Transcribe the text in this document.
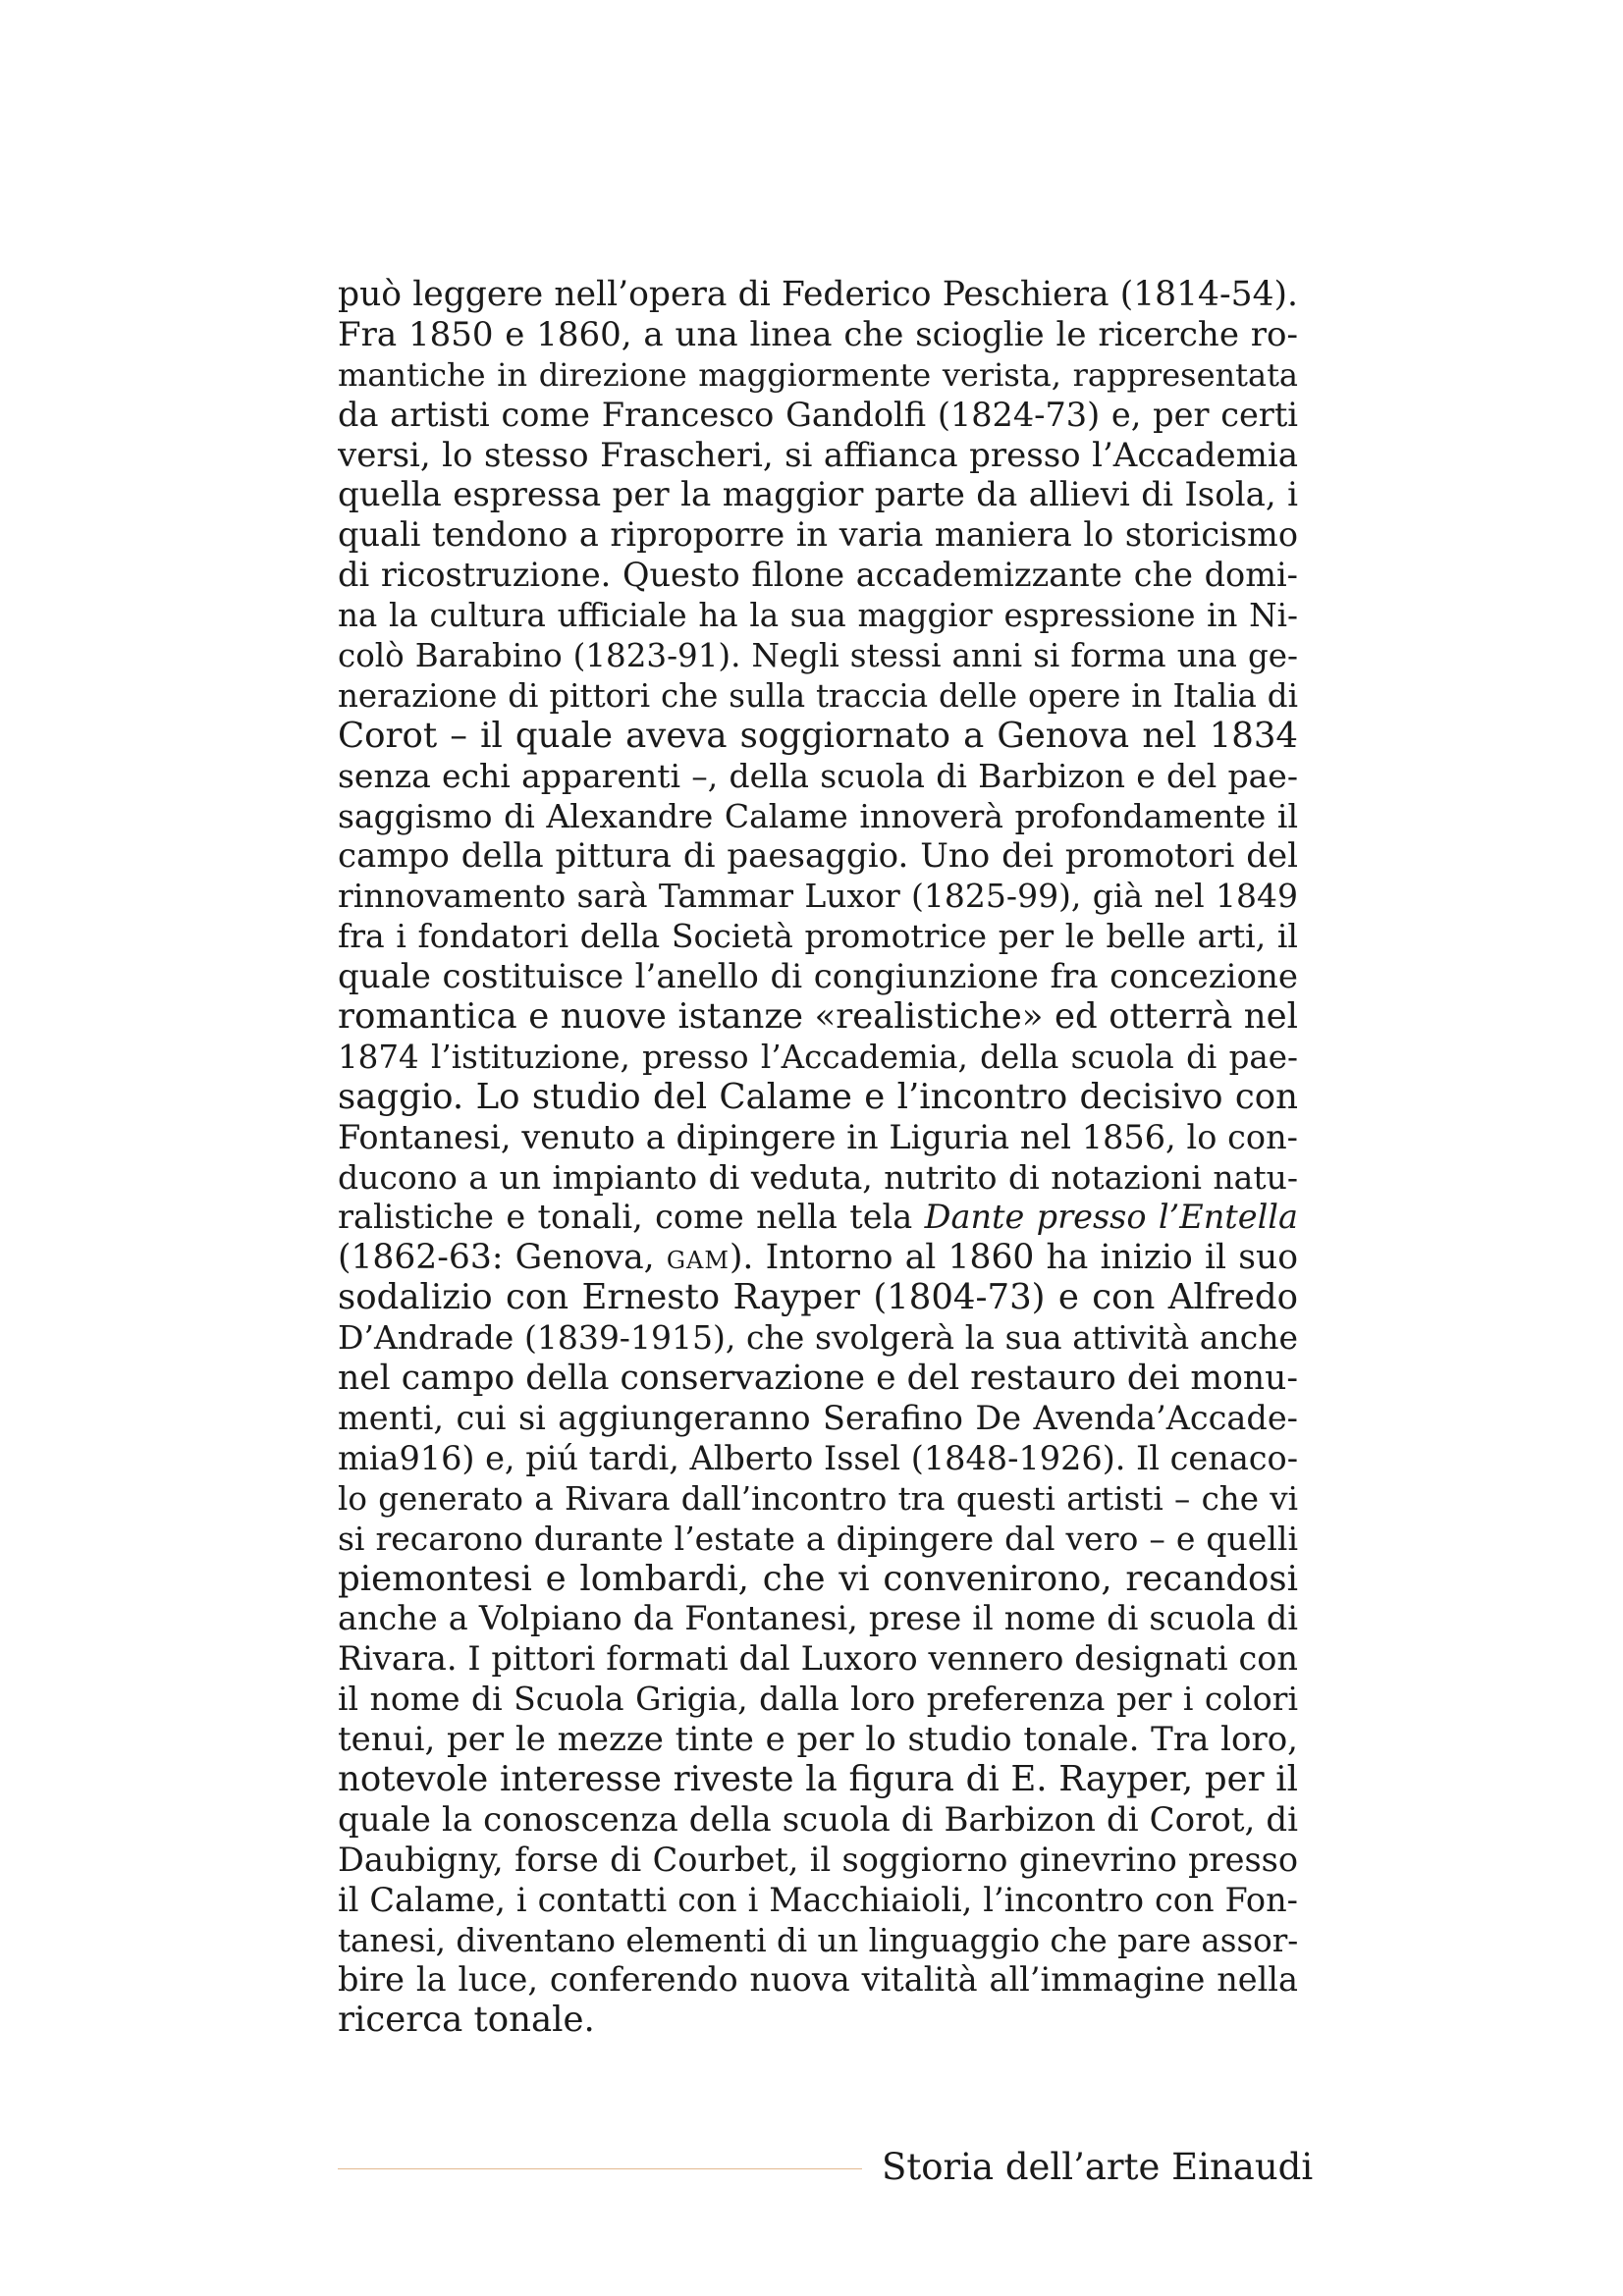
può leggere nell’opera di Federico Peschiera (1814-54).
Fra 1850 e 1860, a una linea che scioglie le ricerche ro-
mantiche in direzione maggiormente verista, rappresentata
da artisti come Francesco Gandolfi (1824-73) e, per certi
versi, lo stesso Frascheri, si affianca presso l’Accademia
quella espressa per la maggior parte da allievi di Isola, i
quali tendono a riproporre in varia maniera lo storicismo
di ricostruzione. Questo filone accademizzante che domi-
na la cultura ufficiale ha la sua maggior espressione in Ni-
colò Barabino (1823-91). Negli stessi anni si forma una ge-
nerazione di pittori che sulla traccia delle opere in Italia di
Corot – il quale aveva soggiornato a Genova nel 1834
senza echi apparenti –, della scuola di Barbizon e del pae-
saggismo di Alexandre Calame innoverà profondamente il
campo della pittura di paesaggio. Uno dei promotori del
rinnovamento sarà Tammar Luxor (1825-99), già nel 1849
fra i fondatori della Società promotrice per le belle arti, il
quale costituisce l’anello di congiunzione fra concezione
romantica e nuove istanze «realistiche» ed otterrà nel
1874 l’istituzione, presso l’Accademia, della scuola di pae-
saggio. Lo studio del Calame e l’incontro decisivo con
Fontanesi, venuto a dipingere in Liguria nel 1856, lo con-
ducono a un impianto di veduta, nutrito di notazioni natu-
ralistiche e tonali, come nella tela Dante presso l’Entella
(1862-63: Genova, gam). Intorno al 1860 ha inizio il suo
sodalizio con Ernesto Rayper (1804-73) e con Alfredo
D’Andrade (1839-1915), che svolgerà la sua attività anche
nel campo della conservazione e del restauro dei monu-
menti, cui si aggiungeranno Serafino De Avenda’Accade-
mia916) e, piú tardi, Alberto Issel (1848-1926). Il cenaco-
lo generato a Rivara dall’incontro tra questi artisti – che vi
si recarono durante l’estate a dipingere dal vero – e quelli
piemontesi e lombardi, che vi convenirono, recandosi
anche a Volpiano da Fontanesi, prese il nome di scuola di
Rivara. I pittori formati dal Luxoro vennero designati con
il nome di Scuola Grigia, dalla loro preferenza per i colori
tenui, per le mezze tinte e per lo studio tonale. Tra loro,
notevole interesse riveste la figura di E. Rayper, per il
quale la conoscenza della scuola di Barbizon di Corot, di
Daubigny, forse di Courbet, il soggiorno ginevrino presso
il Calame, i contatti con i Macchiaioli, l’incontro con Fon-
tanesi, diventano elementi di un linguaggio che pare assor-
bire la luce, conferendo nuova vitalità all’immagine nella
ricerca tonale.
Storia dell’arte Einaudi
